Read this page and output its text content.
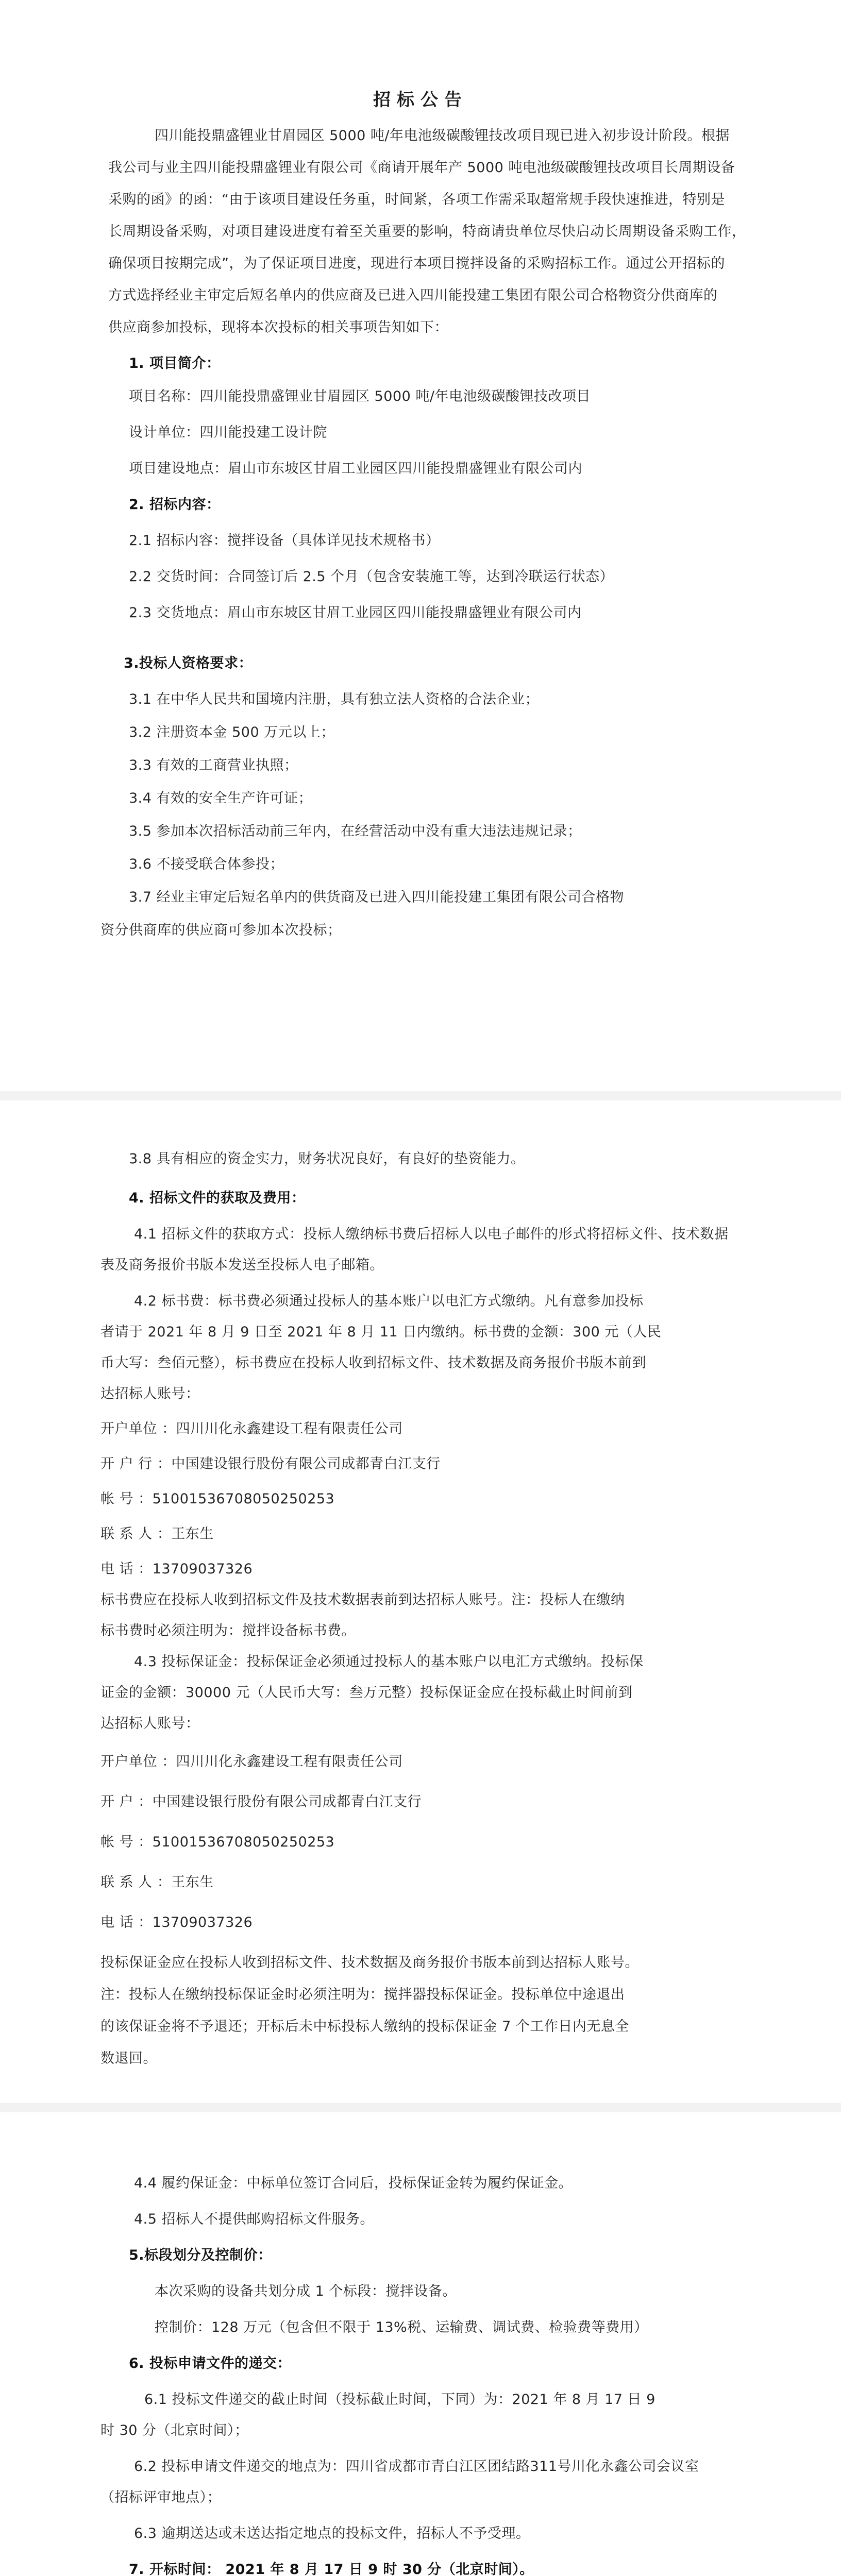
招标公告
四川能投鼎盛锂业甘眉园区 5000 吨/年电池级碳酸锂技改项目现已进入初步设计阶段。根据
我公司与业主四川能投鼎盛锂业有限公司《商请开展年产 5000 吨电池级碳酸锂技改项目长周期设备
采购的函》的函：“由于该项目建设任务重，时间紧，各项工作需采取超常规手段快速推进，特别是
长周期设备采购，对项目建设进度有着至关重要的影响，特商请贵单位尽快启动长周期设备采购工作，
确保项目按期完成”，为了保证项目进度，现进行本项目搅拌设备的采购招标工作。通过公开招标的
方式选择经业主审定后短名单内的供应商及已进入四川能投建工集团有限公司合格物资分供商库的
供应商参加投标，现将本次投标的相关事项告知如下：
1. 项目简介：
项目名称：四川能投鼎盛锂业甘眉园区 5000 吨/年电池级碳酸锂技改项目
设计单位：四川能投建工设计院
项目建设地点：眉山市东坡区甘眉工业园区四川能投鼎盛锂业有限公司内
2. 招标内容：
2.1 招标内容：搅拌设备（具体详见技术规格书）
2.2 交货时间：合同签订后 2.5 个月（包含安装施工等，达到冷联运行状态）
2.3 交货地点：眉山市东坡区甘眉工业园区四川能投鼎盛锂业有限公司内
3.投标人资格要求：
3.1 在中华人民共和国境内注册，具有独立法人资格的合法企业；
3.2 注册资本金 500 万元以上；
3.3 有效的工商营业执照；
3.4 有效的安全生产许可证；
3.5 参加本次招标活动前三年内，在经营活动中没有重大违法违规记录；
3.6 不接受联合体参投；
3.7 经业主审定后短名单内的供货商及已进入四川能投建工集团有限公司合格物
资分供商库的供应商可参加本次投标；
3.8 具有相应的资金实力，财务状况良好，有良好的垫资能力。
4. 招标文件的获取及费用：
4.1 招标文件的获取方式：投标人缴纳标书费后招标人以电子邮件的形式将招标文件、技术数据
表及商务报价书版本发送至投标人电子邮箱。
4.2 标书费：标书费必须通过投标人的基本账户以电汇方式缴纳。凡有意参加投标
者请于 2021 年 8 月 9 日至 2021 年 8 月 11 日内缴纳。标书费的金额：300 元（人民
币大写：叁佰元整），标书费应在投标人收到招标文件、技术数据及商务报价书版本前到
达招标人账号：
开户单位 ：四川川化永鑫建设工程有限责任公司
开 户 行 ：中国建设银行股份有限公司成都青白江支行
帐 号 ：51001536708050250253
联 系 人 ：王东生
电 话 ：13709037326
标书费应在投标人收到招标文件及技术数据表前到达招标人账号。注：投标人在缴纳
标书费时必须注明为：搅拌设备标书费。
4.3 投标保证金：投标保证金必须通过投标人的基本账户以电汇方式缴纳。投标保
证金的金额：30000 元（人民币大写：叁万元整）投标保证金应在投标截止时间前到
达招标人账号：
开户单位 ：四川川化永鑫建设工程有限责任公司
开 户 ：中国建设银行股份有限公司成都青白江支行
帐 号 ：51001536708050250253
联 系 人 ：王东生
电 话 ：13709037326
投标保证金应在投标人收到招标文件、技术数据及商务报价书版本前到达招标人账号。
注：投标人在缴纳投标保证金时必须注明为：搅拌器投标保证金。投标单位中途退出
的该保证金将不予退还；开标后未中标投标人缴纳的投标保证金 7 个工作日内无息全
数退回。
4.4 履约保证金：中标单位签订合同后，投标保证金转为履约保证金。
4.5 招标人不提供邮购招标文件服务。
5.标段划分及控制价：
本次采购的设备共划分成 1 个标段：搅拌设备。
控制价：128 万元（包含但不限于 13%税、运输费、调试费、检验费等费用）
6. 投标申请文件的递交：
6.1 投标文件递交的截止时间（投标截止时间，下同）为：2021 年 8 月 17 日 9
时 30 分（北京时间）；
6.2 投标申请文件递交的地点为：四川省成都市青白江区团结路311号川化永鑫公司会议室
（招标评审地点）；
6.3 逾期送达或未送达指定地点的投标文件，招标人不予受理。
7. 开标时间： 2021 年 8 月 17 日 9 时 30 分（北京时间）。
